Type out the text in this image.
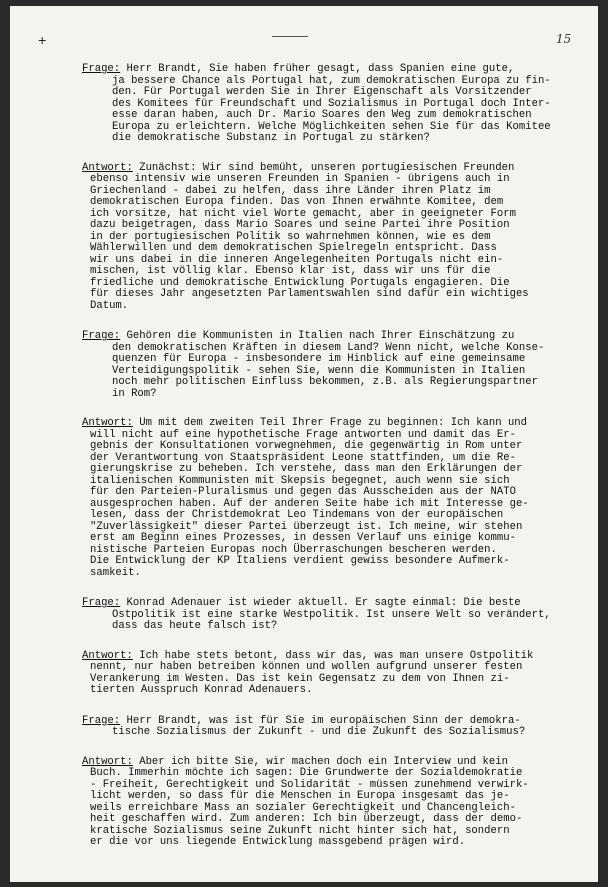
+	15
Frage: Herr Brandt, Sie haben früher gesagt, dass Spanien eine gute,
ja bessere Chance als Portugal hat, zum demokratischen Europa zu fin-
den. Für Portugal werden Sie in Ihrer Eigenschaft als Vorsitzender
des Komitees für Freundschaft und Sozialismus in Portugal doch Inter-
esse daran haben, auch Dr. Mario Soares den Weg zum demokratischen
Europa zu erleichtern. Welche Möglichkeiten sehen Sie für das Komitee
die demokratische Substanz in Portugal zu stärken?
Antwort: Zunächst: Wir sind bemüht, unseren portugiesischen Freunden
ebenso intensiv wie unseren Freunden in Spanien - übrigens auch in
Griechenland - dabei zu helfen, dass ihre Länder ihren Platz im
demokratischen Europa finden. Das von Ihnen erwähnte Komitee, dem
ich vorsitze, hat nicht viel Worte gemacht, aber in geeigneter Form
dazu beigetragen, dass Mario Soares und seine Partei ihre Position
in der portugiesischen Politik so wahrnehmen können, wie es dem
Wählerwillen und dem demokratischen Spielregeln entspricht. Dass
wir uns dabei in die inneren Angelegenheiten Portugals nicht ein-
mischen, ist völlig klar. Ebenso klar ist, dass wir uns für die
friedliche und demokratische Entwicklung Portugals engagieren. Die
für dieses Jahr angesetzten Parlamentswahlen sind dafür ein wichtiges
Datum.
Frage: Gehören die Kommunisten in Italien nach Ihrer Einschätzung zu
den demokratischen Kräften in diesem Land? Wenn nicht, welche Konse-
quenzen für Europa - insbesondere im Hinblick auf eine gemeinsame
Verteidigungspolitik - sehen Sie, wenn die Kommunisten in Italien
noch mehr politischen Einfluss bekommen, z.B. als Regierungspartner
in Rom?
Antwort: Um mit dem zweiten Teil Ihrer Frage zu beginnen: Ich kann und
will nicht auf eine hypothetische Frage antworten und damit das Er-
gebnis der Konsultationen vorwegnehmen, die gegenwärtig in Rom unter
der Verantwortung von Staatspräsident Leone stattfinden, um die Re-
gierungskrise zu beheben. Ich verstehe, dass man den Erklärungen der
italienischen Kommunisten mit Skepsis begegnet, auch wenn sie sich
für den Parteien-Pluralismus und gegen das Ausscheiden aus der NATO
ausgesprochen haben. Auf der anderen Seite habe ich mit Interesse ge-
lesen, dass der Christdemokrat Leo Tindemans von der europäischen
"Zuverlässigkeit" dieser Partei überzeugt ist. Ich meine, wir stehen
erst am Beginn eines Prozesses, in dessen Verlauf uns einige kommu-
nistische Parteien Europas noch Überraschungen bescheren werden.
Die Entwicklung der KP Italiens verdient gewiss besondere Aufmerk-
samkeit.
Frage: Konrad Adenauer ist wieder aktuell. Er sagte einmal: Die beste
Ostpolitik ist eine starke Westpolitik. Ist unsere Welt so verändert,
dass das heute falsch ist?
Antwort: Ich habe stets betont, dass wir das, was man unsere Ostpolitik
nennt, nur haben betreiben können und wollen aufgrund unserer festen
Verankerung im Westen. Das ist kein Gegensatz zu dem von Ihnen zi-
tierten Ausspruch Konrad Adenauers.
Frage: Herr Brandt, was ist für Sie im europäischen Sinn der demokra-
tische Sozialismus der Zukunft - und die Zukunft des Sozialismus?
Antwort: Aber ich bitte Sie, wir machen doch ein Interview und kein
Buch. Immerhin möchte ich sagen: Die Grundwerte der Sozialdemokratie
- Freiheit, Gerechtigkeit und Solidarität - müssen zunehmend verwirk-
licht werden, so dass für die Menschen in Europa insgesamt das je-
weils erreichbare Mass an sozialer Gerechtigkeit und Chancengleich-
heit geschaffen wird. Zum anderen: Ich bin überzeugt, dass der demo-
kratische Sozialismus seine Zukunft nicht hinter sich hat, sondern
er die vor uns liegende Entwicklung massgebend prägen wird.
